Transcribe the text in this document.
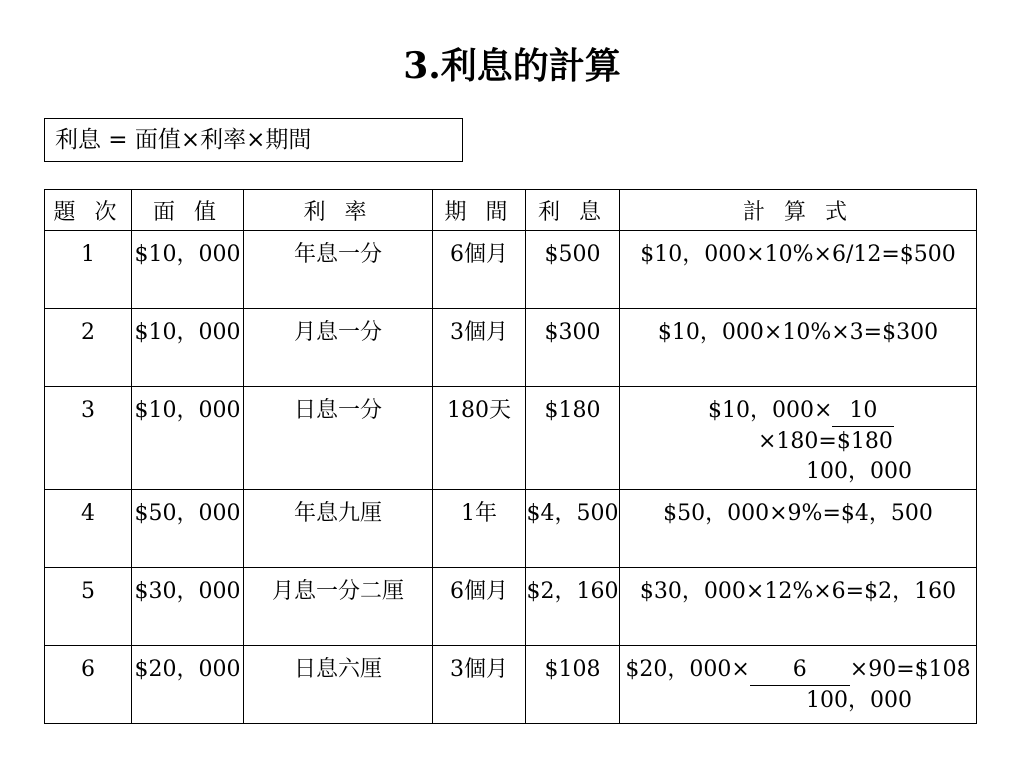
3.利息的計算
利息 = 面值×利率×期間
題 次	面 值	利 率	期 間	利 息	計 算 式
1	$10，000	年息一分	6個月	$500	$10，000×10%×6/12=$500
2	$10，000	月息一分	3個月	$300	$10，000×10%×3=$300
3	$10，000	日息一分	180天	$180	$10，000× 10
×180=$180
100，000

4	$50，000	年息九厘	1年	$4，500	$50，000×9%=$4，500
5	$30，000	月息一分二厘	6個月	$2，160	$30，000×12%×6=$2，160
6	$20，000	日息六厘	3個月	$108	$20，000× 6 ×90=$108
100，000
